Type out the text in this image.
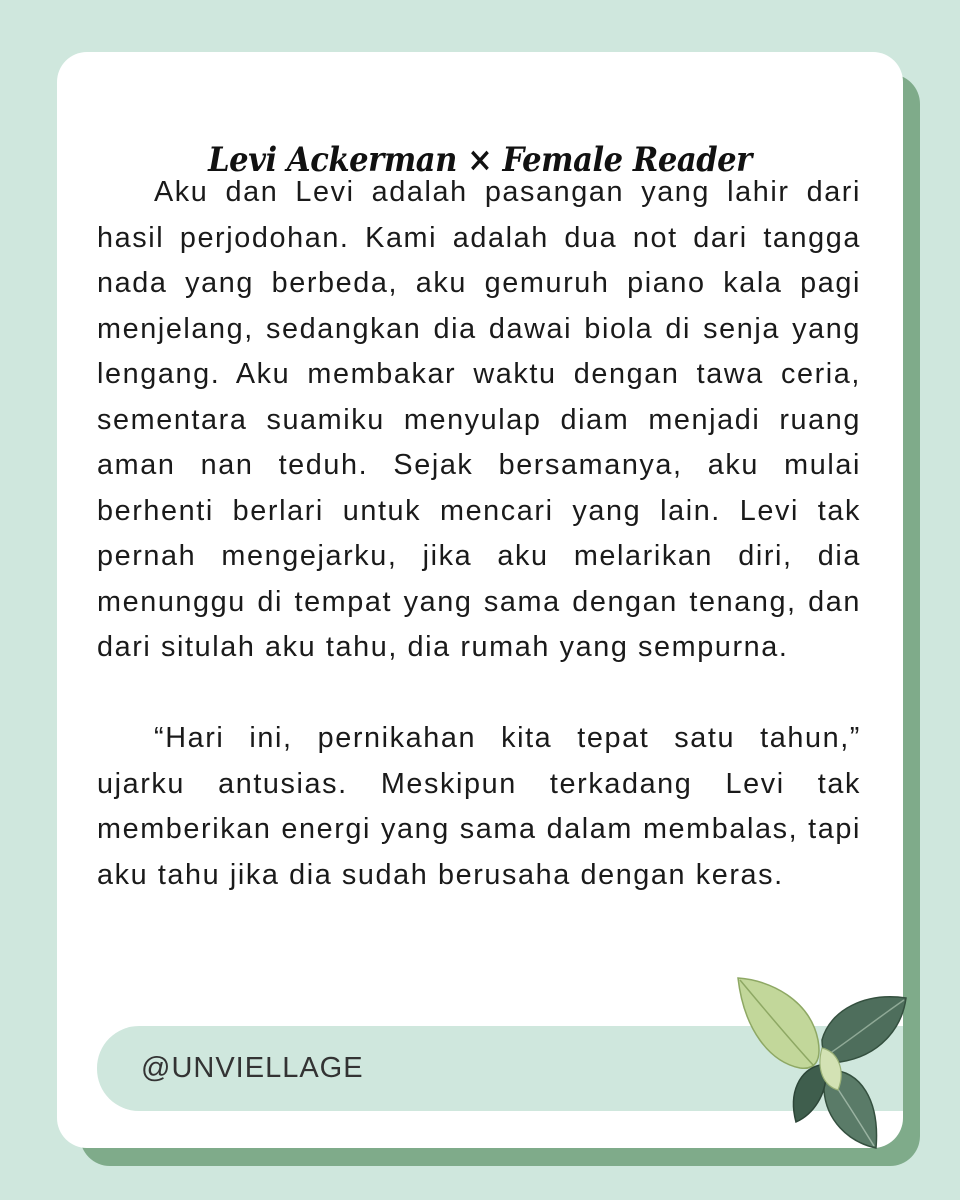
Levi Ackerman × Female Reader

Aku dan Levi adalah pasangan yang lahir dari hasil perjodohan. Kami adalah dua not dari tangga nada yang berbeda, aku gemuruh piano kala pagi menjelang, sedangkan dia dawai biola di senja yang lengang. Aku membakar waktu dengan tawa ceria, sementara suamiku menyulap diam menjadi ruang aman nan teduh. Sejak bersamanya, aku mulai berhenti berlari untuk mencari yang lain. Levi tak pernah mengejarku, jika aku melarikan diri, dia menunggu di tempat yang sama dengan tenang, dan dari situlah aku tahu, dia rumah yang sempurna.

“Hari ini, pernikahan kita tepat satu tahun,” ujarku antusias. Meskipun terkadang Levi tak memberikan energi yang sama dalam membalas, tapi aku tahu jika dia sudah berusaha dengan keras.

@UNVIELLAGE
